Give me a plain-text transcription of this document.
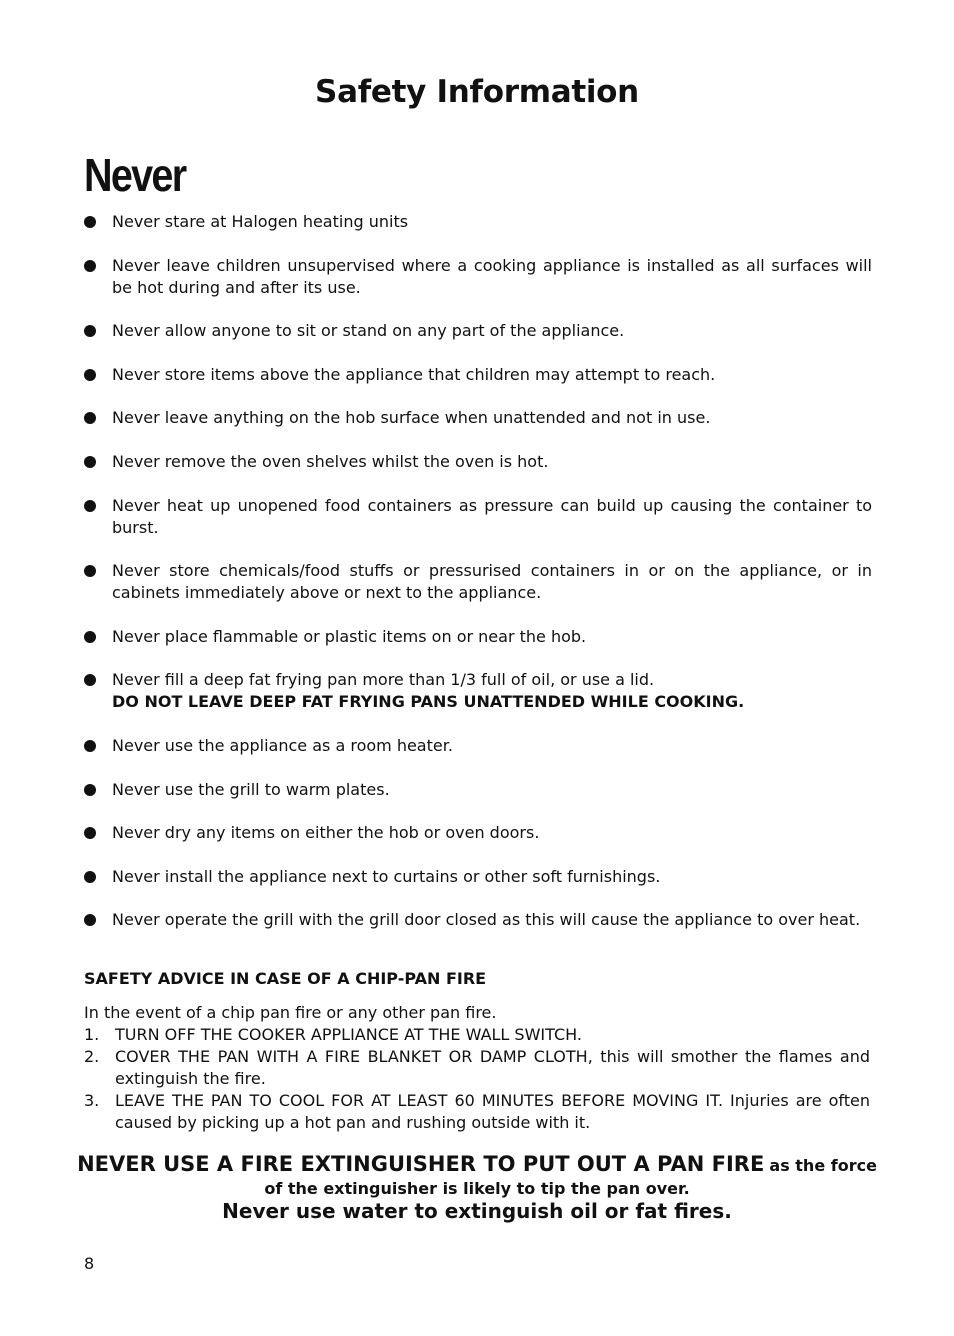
Safety Information
Never
Never stare at Halogen heating units
Never leave children unsupervised where a cooking appliance is installed as all surfaces will be hot during and after its use.
Never allow anyone to sit or stand on any part of the appliance.
Never store items above the appliance that children may attempt to reach.
Never leave anything on the hob surface when unattended and not in use.
Never remove the oven shelves whilst the oven is hot.
Never heat up unopened food containers as pressure can build up causing the container to burst.
Never store chemicals/food stuffs or pressurised containers in or on the appliance, or in cabinets immediately above or next to the appliance.
Never place flammable or plastic items on or near the hob.
Never fill a deep fat frying pan more than 1/3 full of oil, or use a lid.
DO NOT LEAVE DEEP FAT FRYING PANS UNATTENDED WHILE COOKING.
Never use the appliance as a room heater.
Never use the grill to warm plates.
Never dry any items on either the hob or oven doors.
Never install the appliance next to curtains or other soft furnishings.
Never operate the grill with the grill door closed as this will cause the appliance to over heat.
SAFETY ADVICE IN CASE OF A CHIP-PAN FIRE

In the event of a chip pan fire or any other pan fire.

1. TURN OFF THE COOKER APPLIANCE AT THE WALL SWITCH.
2. COVER THE PAN WITH A FIRE BLANKET OR DAMP CLOTH, this will smother the flames and extinguish the fire.
3. LEAVE THE PAN TO COOL FOR AT LEAST 60 MINUTES BEFORE MOVING IT. Injuries are often caused by picking up a hot pan and rushing outside with it.
NEVER USE A FIRE EXTINGUISHER TO PUT OUT A PAN FIRE as the force
of the extinguisher is likely to tip the pan over.
Never use water to extinguish oil or fat fires.

8
